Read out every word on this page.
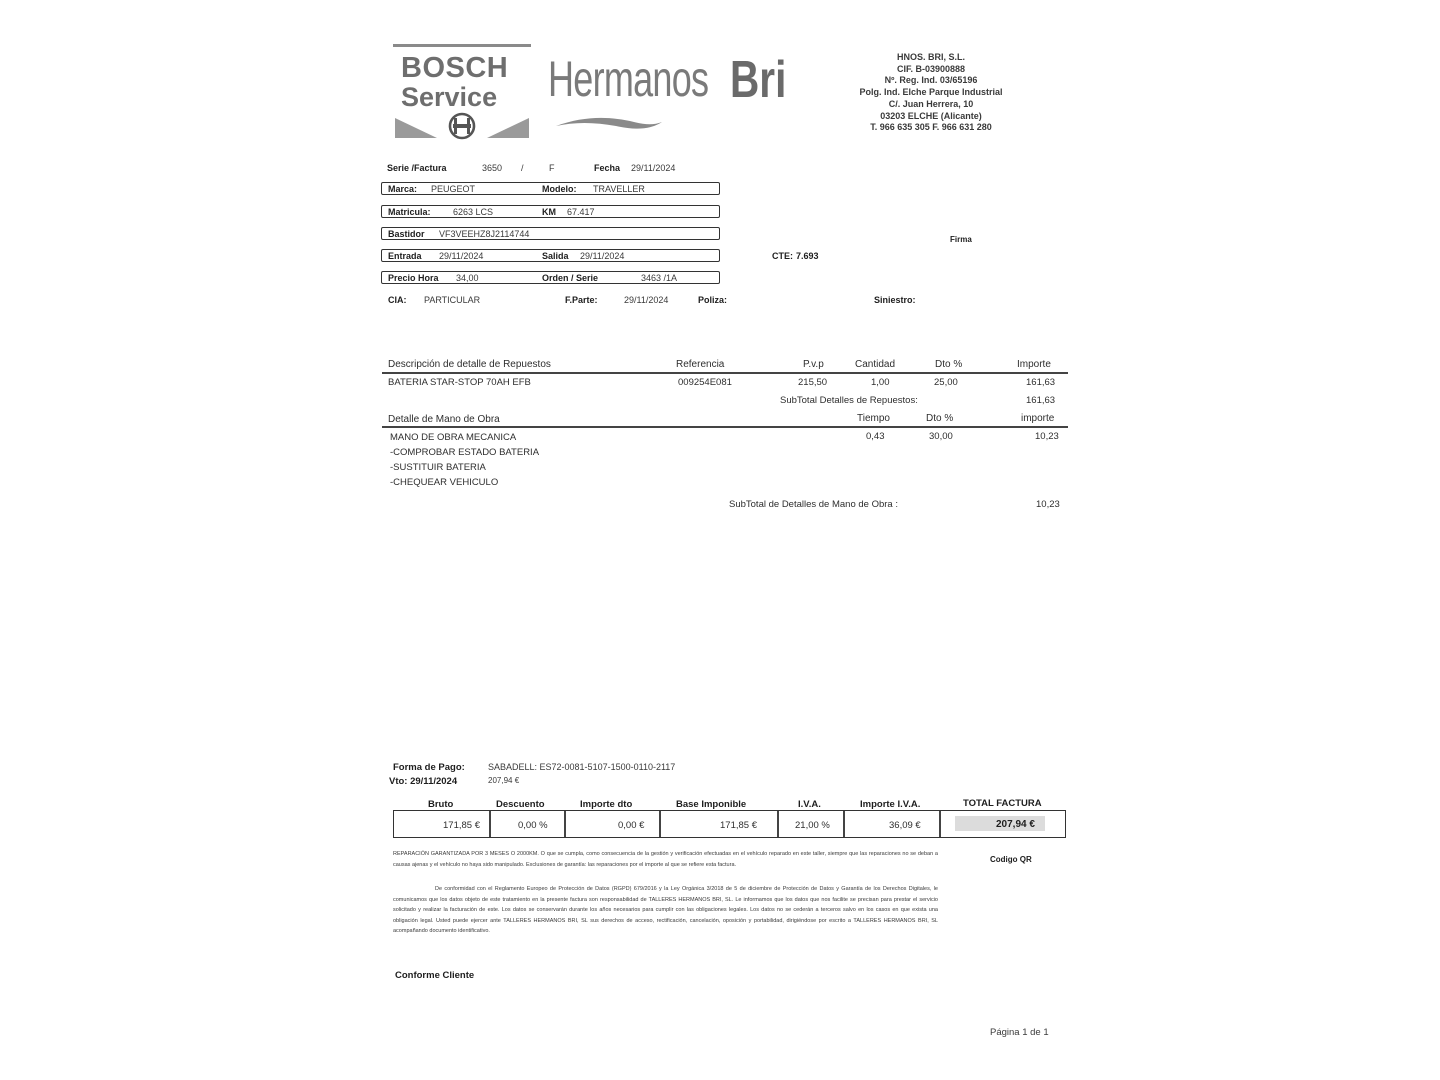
BOSCH
Service Hermanos Bri	HNOS. BRI, S.L.
CIF. B-03900888
Nº. Reg. Ind. 03/65196
Polg. Ind. Elche Parque Industrial
C/. Juan Herrera, 10
03203 ELCHE (Alicante)
T. 966 635 305 F. 966 631 280
Serie /Factura	3650 /	F	Fecha 29/11/2024
Marca: PEUGEOT	Modelo: TRAVELLER
Matricula: 6263 LCS	KM 67.417
Bastidor VF3VEEHZ8J2114744
Entrada 29/11/2024	Salida 29/11/2024
Precio Hora 34,00	Orden / Serie	3463 /1A
CTE: 7.693
Firma
CIA: PARTICULAR	F.Parte:	29/11/2024	Poliza:	Siniestro:
Descripción de detalle de Repuestos	Referencia	P.v.p	Cantidad	Dto %	Importe
BATERIA STAR-STOP 70AH EFB	009254E081	215,50	1,00	25,00	161,63
SubTotal Detalles de Repuestos:	161,63
Detalle de Mano de Obra	Tiempo	Dto %	importe
MANO DE OBRA MECANICA	0,43	30,00	10,23
-COMPROBAR ESTADO BATERIA
-SUSTITUIR BATERIA
-CHEQUEAR VEHICULO
SubTotal de Detalles de Mano de Obra :	10,23
Forma de Pago:	SABADELL: ES72-0081-5107-1500-0110-2117
Vto: 29/11/2024	207,94 €
Bruto	Descuento	Importe dto	Base Imponible	I.V.A.	Importe I.V.A.	TOTAL FACTURA
171,85 €	0,00 %	0,00 €	171,85 €	21,00 %	36,09 €	207,94 €
REPARACIÓN GARANTIZADA POR 3 MESES O 2000KM. O que se cumpla, como consecuencia de la gestión y verificación efectuadas en el vehículo reparado en este taller, siempre que las reparaciones no se deban a causas ajenas y el vehículo no haya sido manipulado. Exclusiones de garantía: las reparaciones por el importe al que se refiere esta factura.
Codigo QR
De conformidad con el Reglamento Europeo de Protección de Datos (RGPD) 679/2016 y la Ley Orgánica 3/2018 de 5 de diciembre de Protección de Datos y Garantía de los Derechos Digitales, le comunicamos que los datos objeto de este tratamiento en la presente factura son responsabilidad de TALLERES HERMANOS BRI, SL. Le informamos que los datos que nos facilite se precisan para prestar el servicio solicitado y realizar la facturación de este. Los datos se conservarán durante los años necesarios para cumplir con las obligaciones legales. Los datos no se cederán a terceros salvo en los casos en que exista una obligación legal. Usted puede ejercer ante TALLERES HERMANOS BRI, SL sus derechos de acceso, rectificación, cancelación, oposición y portabilidad, dirigiéndose por escrito a TALLERES HERMANOS BRI, SL acompañando documento identificativo.
Conforme Cliente
Página 1 de 1
